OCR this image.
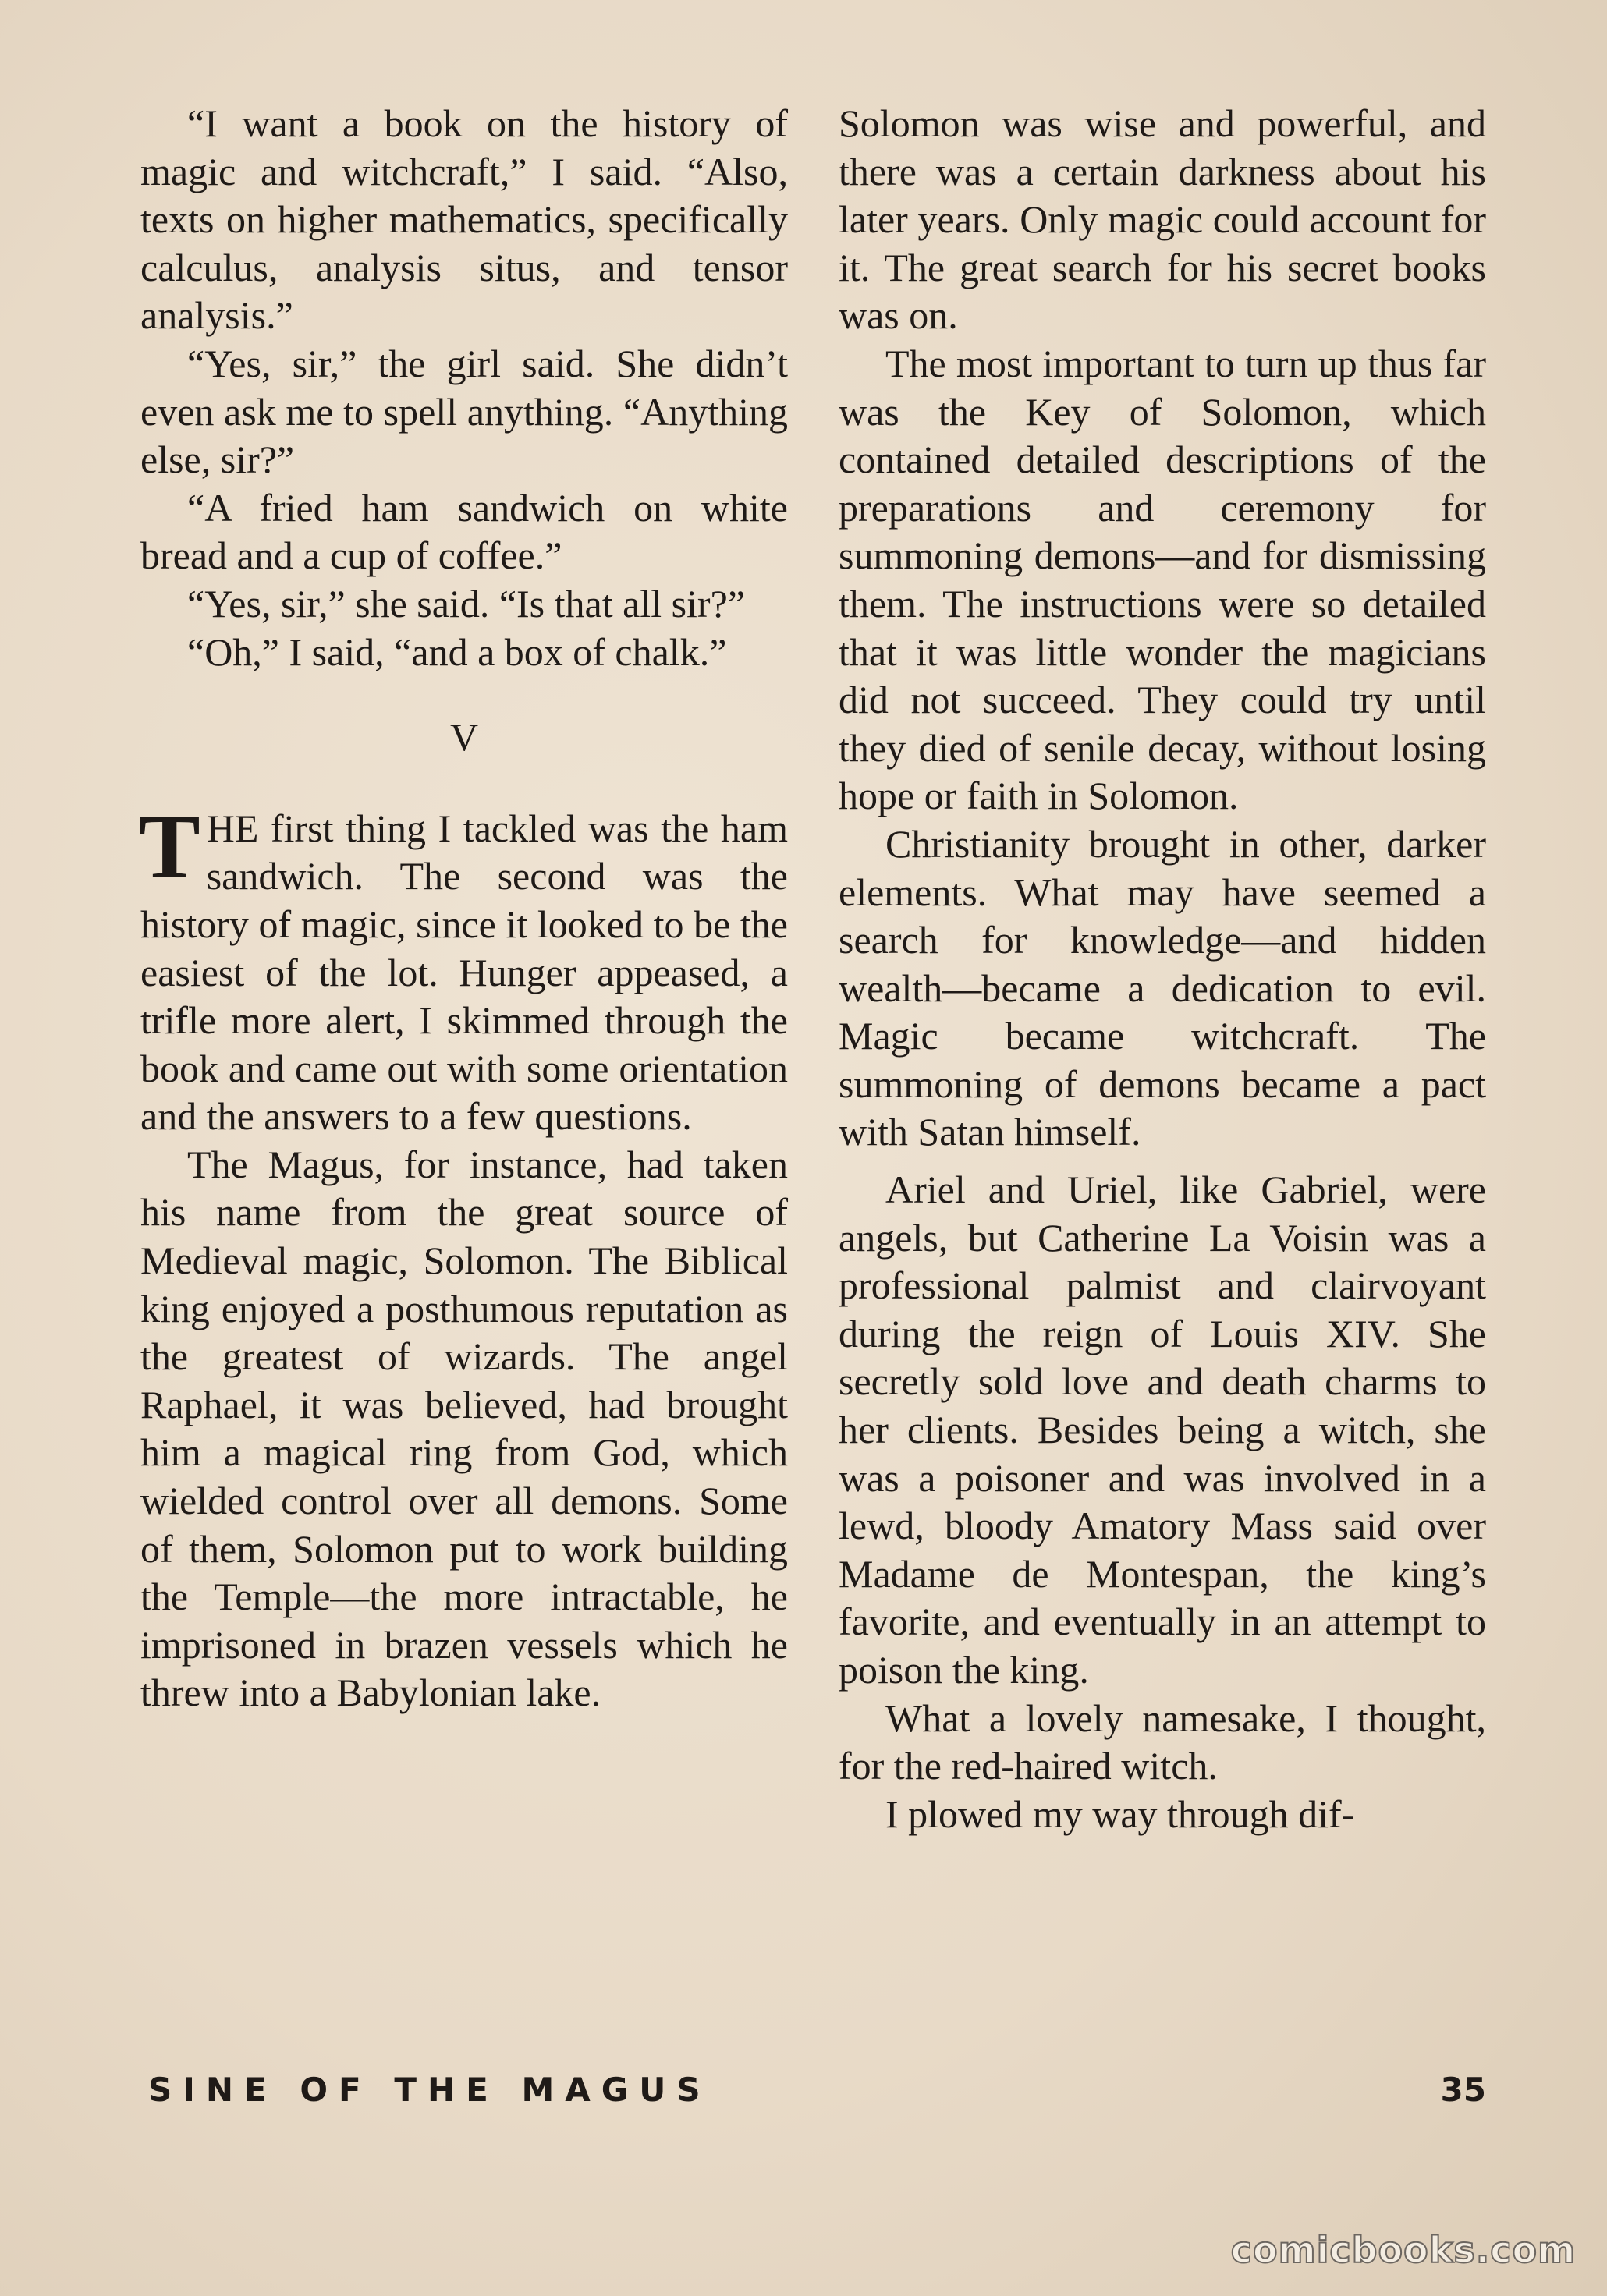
“I want a book on the history of magic and witchcraft,” I said. “Also, texts on higher mathematics, specifically calculus, analysis situs, and tensor analysis.”

“Yes, sir,” the girl said. She didn’t even ask me to spell anything. “Anything else, sir?”

“A fried ham sandwich on white bread and a cup of coffee.”

“Yes, sir,” she said. “Is that all sir?”

“Oh,” I said, “and a box of chalk.”

V

THE first thing I tackled was the ham sandwich. The second was the history of magic, since it looked to be the easiest of the lot. Hunger appeased, a trifle more alert, I skimmed through the book and came out with some orientation and the answers to a few questions.

The Magus, for instance, had taken his name from the great source of Medieval magic, Solomon. The Biblical king enjoyed a posthumous reputation as the greatest of wizards. The angel Raphael, it was believed, had brought him a magical ring from God, which wielded control over all demons. Some of them, Solomon put to work building the Temple—the more intractable, he imprisoned in brazen vessels which he threw into a Babylonian lake.

Solomon was wise and powerful, and there was a certain darkness about his later years. Only magic could account for it. The great search for his secret books was on.

The most important to turn up thus far was the Key of Solomon, which contained detailed descriptions of the preparations and ceremony for summoning demons—and for dismissing them. The instructions were so detailed that it was little wonder the magicians did not succeed. They could try until they died of senile decay, without losing hope or faith in Solomon.

Christianity brought in other, darker elements. What may have seemed a search for knowledge—and hidden wealth—became a dedication to evil. Magic became witchcraft. The summoning of demons became a pact with Satan himself.

Ariel and Uriel, like Gabriel, were angels, but Catherine La Voisin was a professional palmist and clairvoyant during the reign of Louis XIV. She secretly sold love and death charms to her clients. Besides being a witch, she was a poisoner and was involved in a lewd, bloody Amatory Mass said over Madame de Montespan, the king’s favorite, and eventually in an attempt to poison the king.

What a lovely namesake, I thought, for the red-haired witch.

I plowed my way through dif-

SINE OF THE MAGUS	35
comicbooks.com
